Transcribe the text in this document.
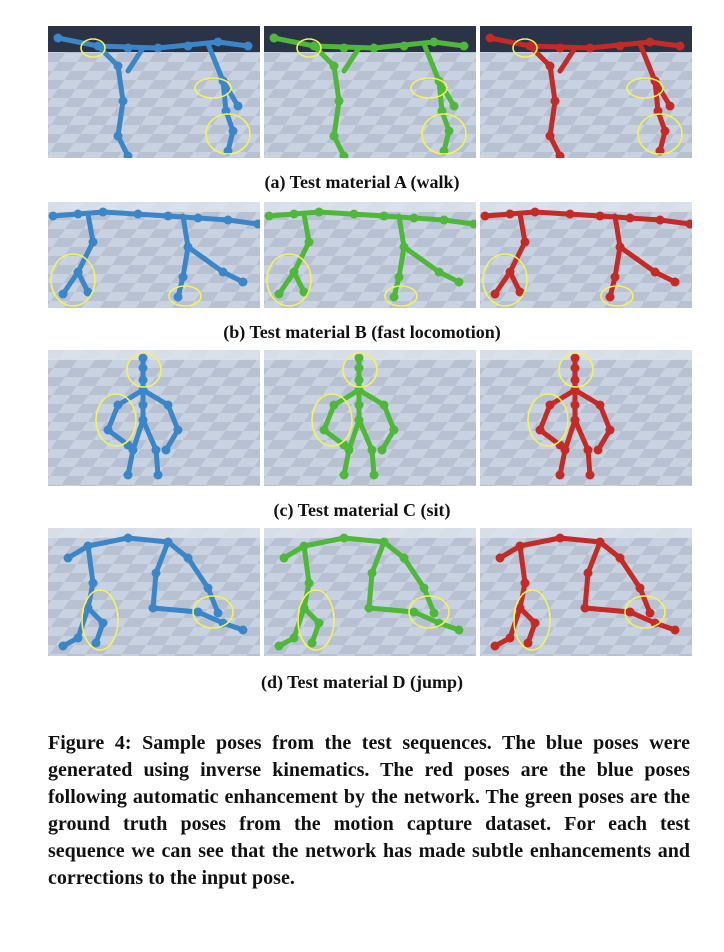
(a) Test material A (walk)
(b) Test material B (fast locomotion)
(c) Test material C (sit)
(d) Test material D (jump)

Figure 4: Sample poses from the test sequences. The blue poses were generated using inverse kinematics. The red poses are the blue poses following automatic enhancement by the network. The green poses are the ground truth poses from the motion capture dataset. For each test sequence we can see that the network has made subtle enhancements and corrections to the input pose.
